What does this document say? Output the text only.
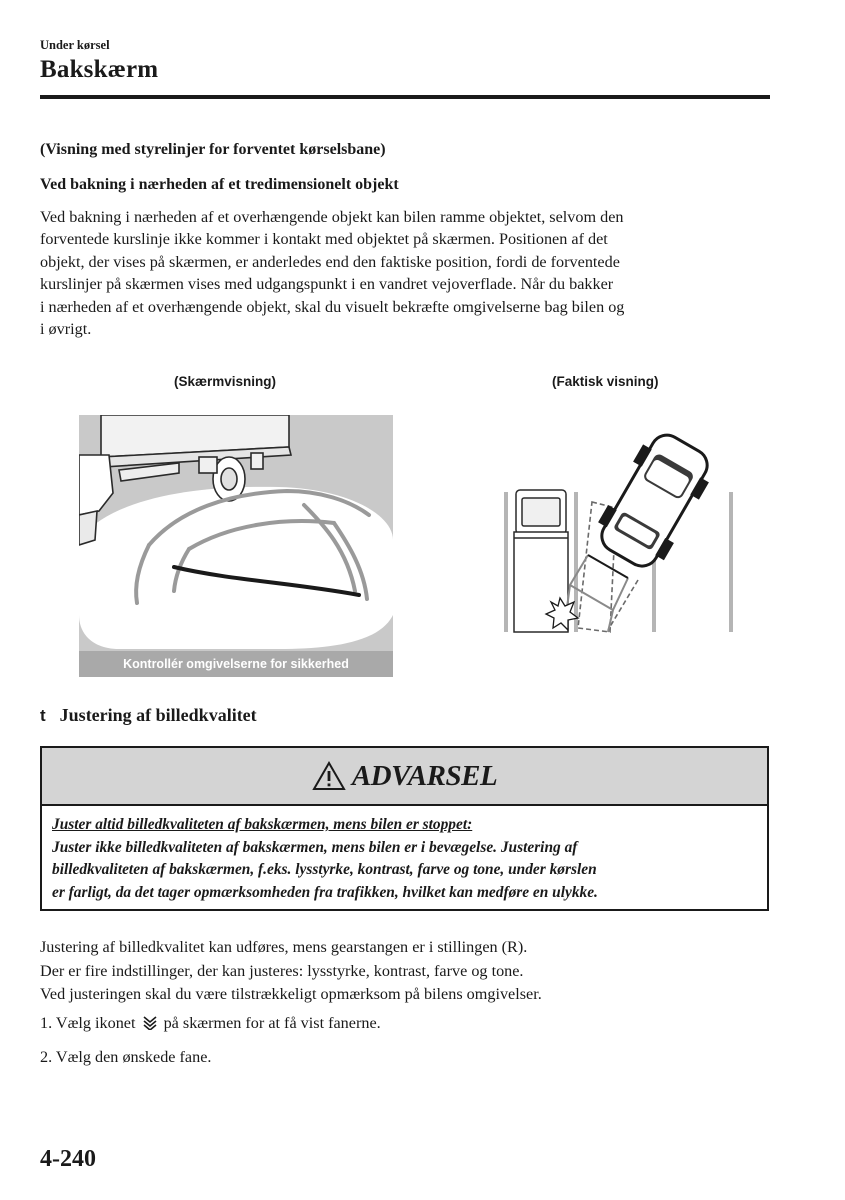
Under kørsel
Bakskærm
(Visning med styrelinjer for forventet kørselsbane)
Ved bakning i nærheden af et tredimensionelt objekt
Ved bakning i nærheden af et overhængende objekt kan bilen ramme objektet, selvom den
forventede kurslinje ikke kommer i kontakt med objektet på skærmen. Positionen af det
objekt, der vises på skærmen, er anderledes end den faktiske position, fordi de forventede
kurslinjer på skærmen vises med udgangspunkt i en vandret vejoverflade. Når du bakker
i nærheden af et overhængende objekt, skal du visuelt bekræfte omgivelserne bag bilen og
i øvrigt.
(Skærmvisning)	(Faktisk visning)
Kontrollér omgivelserne for sikkerhed
t Justering af billedkvalitet
ADVARSEL
Juster altid billedkvaliteten af bakskærmen, mens bilen er stoppet:
Juster ikke billedkvaliteten af bakskærmen, mens bilen er i bevægelse. Justering af
billedkvaliteten af bakskærmen, f.eks. lysstyrke, kontrast, farve og tone, under kørslen
er farligt, da det tager opmærksomheden fra trafikken, hvilket kan medføre en ulykke.
Justering af billedkvalitet kan udføres, mens gearstangen er i stillingen (R).
Der er fire indstillinger, der kan justeres: lysstyrke, kontrast, farve og tone.
Ved justeringen skal du være tilstrækkeligt opmærksom på bilens omgivelser.
1. Vælg ikonet på skærmen for at få vist fanerne.
2. Vælg den ønskede fane.
4-240
